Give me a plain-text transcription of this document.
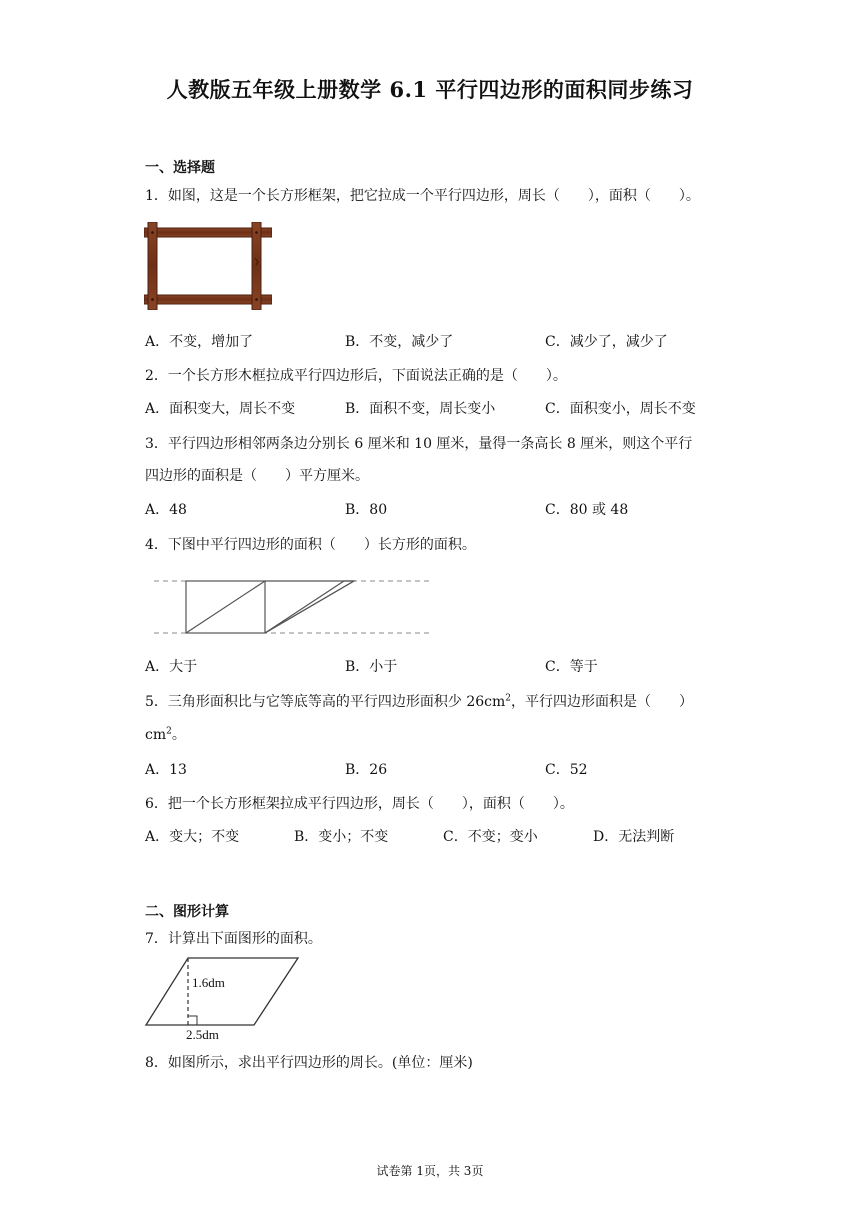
人教版五年级上册数学 6.1 平行四边形的面积同步练习
一、选择题
1．如图，这是一个长方形框架，把它拉成一个平行四边形，周长（　　），面积（　　）。
A．不变，增加了	B．不变，减少了	C．减少了，减少了
2．一个长方形木框拉成平行四边形后，下面说法正确的是（　　）。
A．面积变大，周长不变	B．面积不变，周长变小	C．面积变小，周长不变
3．平行四边形相邻两条边分别长 6 厘米和 10 厘米，量得一条高长 8 厘米，则这个平行
四边形的面积是（　　）平方厘米。
A．48	B．80	C．80 或 48
4．下图中平行四边形的面积（　　）长方形的面积。
A．大于	B．小于	C．等于
5．三角形面积比与它等底等高的平行四边形面积少 $26cm^2$，平行四边形面积是（　　）
$cm^2$。
A．13	B．26	C．52
6．把一个长方形框架拉成平行四边形，周长（　　），面积（　　）。
A．变大；不变	B．变小；不变	C．不变；变小	D．无法判断
二、图形计算
7．计算出下面图形的面积。
1.6dm
2.5dm
8．如图所示，求出平行四边形的周长。(单位：厘米)
试卷第 1页，共 3页
